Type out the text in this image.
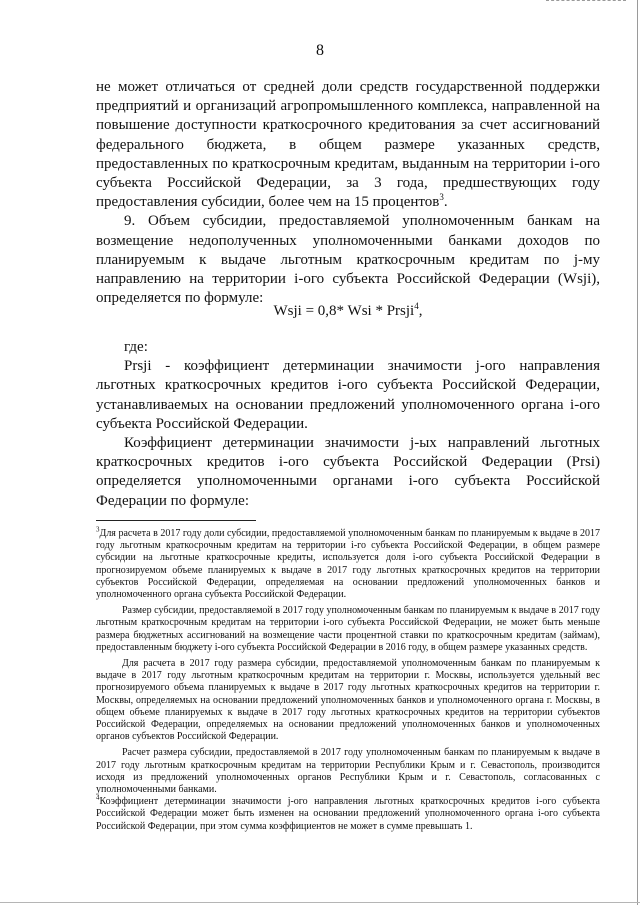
8

не может отличаться от средней доли средств государственной поддержки предприятий и организаций агропромышленного комплекса, направленной на повышение доступности краткосрочного кредитования за счет ассигнований федерального бюджета, в общем размере указанных средств, предоставленных по краткосрочным кредитам, выданным на территории i-ого субъекта Российской Федерации, за 3 года, предшествующих году предоставления субсидии, более чем на 15 процентов$^3$.

9. Объем субсидии, предоставляемой уполномоченным банкам на возмещение недополученных уполномоченными банками доходов по планируемым к выдаче льготным краткосрочным кредитам по j-му направлению на территории i-ого субъекта Российской Федерации (Wsji), определяется по формуле:

Wsji = 0,8* Wsi * Prsji$^4$,

где:

Prsji - коэффициент детерминации значимости j-ого направления льготных краткосрочных кредитов i-ого субъекта Российской Федерации, устанавливаемых на основании предложений уполномоченного органа i-ого субъекта Российской Федерации.

Коэффициент детерминации значимости j-ых направлений льготных краткосрочных кредитов i-ого субъекта Российской Федерации (Prsi) определяется уполномоченными органами i-ого субъекта Российской Федерации по формуле:

$^3$Для расчета в 2017 году доли субсидии, предоставляемой уполномоченным банкам по планируемым к выдаче в 2017 году льготным краткосрочным кредитам на территории i-го субъекта Российской Федерации, в общем размере субсидии на льготные краткосрочные кредиты, используется доля i-ого субъекта Российской Федерации в прогнозируемом объеме планируемых к выдаче в 2017 году льготных краткосрочных кредитов на территории субъектов Российской Федерации, определяемая на основании предложений уполномоченных банков и уполномоченного органа субъекта Российской Федерации.

Размер субсидии, предоставляемой в 2017 году уполномоченным банкам по планируемым к выдаче в 2017 году льготным краткосрочным кредитам на территории i-ого субъекта Российской Федерации, не может быть меньше размера бюджетных ассигнований на возмещение части процентной ставки по краткосрочным кредитам (займам), предоставленным бюджету i-ого субъекта Российской Федерации в 2016 году, в общем размере указанных средств.

Для расчета в 2017 году размера субсидии, предоставляемой уполномоченным банкам по планируемым к выдаче в 2017 году льготным краткосрочным кредитам на территории г. Москвы, используется удельный вес прогнозируемого объема планируемых к выдаче в 2017 году льготных краткосрочных кредитов на территории г. Москвы, определяемых на основании предложений уполномоченных банков и уполномоченного органа г. Москвы, в общем объеме планируемых к выдаче в 2017 году льготных краткосрочных кредитов на территории субъектов Российской Федерации, определяемых на основании предложений уполномоченных банков и уполномоченных органов субъектов Российской Федерации.

Расчет размера субсидии, предоставляемой в 2017 году уполномоченным банкам по планируемым к выдаче в 2017 году льготным краткосрочным кредитам на территории Республики Крым и г. Севастополь, производится исходя из предложений уполномоченных органов Республики Крым и г. Севастополь, согласованных с уполномоченными банками.

$^4$Коэффициент детерминации значимости j-ого направления льготных краткосрочных кредитов i-ого субъекта Российской Федерации может быть изменен на основании предложений уполномоченного органа i-ого субъекта Российской Федерации, при этом сумма коэффициентов не может в сумме превышать 1.
